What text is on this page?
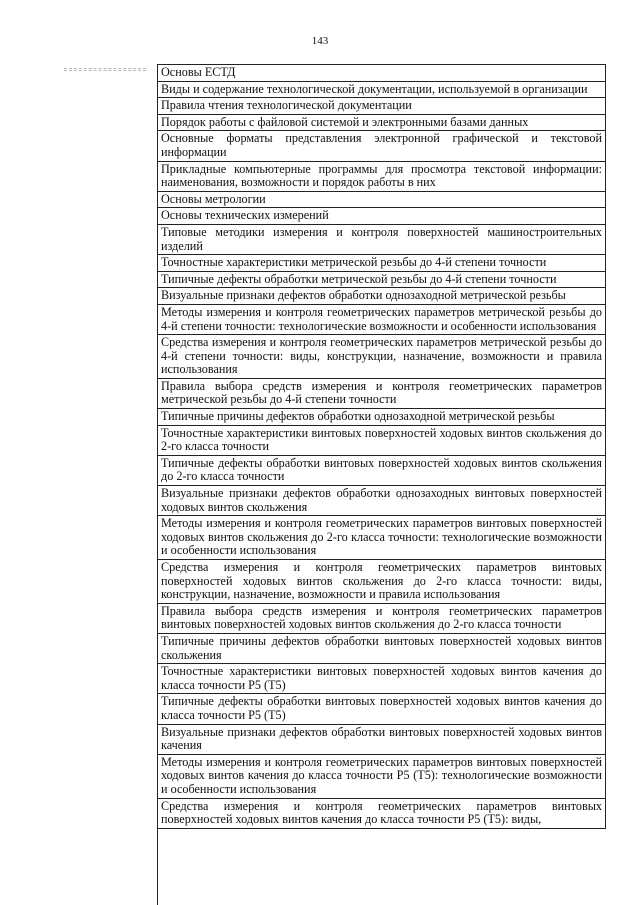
143
Основы ЕСТД
Виды и содержание технологической документации, используемой в организации
Правила чтения технологической документации
Порядок работы с файловой системой и электронными базами данных
Основные форматы представления электронной графической и текстовой информации
Прикладные компьютерные программы для просмотра текстовой информации: наименования, возможности и порядок работы в них
Основы метрологии
Основы технических измерений
Типовые методики измерения и контроля поверхностей машиностроительных изделий
Точностные характеристики метрической резьбы до 4-й степени точности
Типичные дефекты обработки метрической резьбы до 4-й степени точности
Визуальные признаки дефектов обработки однозаходной метрической резьбы
Методы измерения и контроля геометрических параметров метрической резьбы до 4-й степени точности: технологические возможности и особенности использования
Средства измерения и контроля геометрических параметров метрической резьбы до 4-й степени точности: виды, конструкции, назначение, возможности и правила использования
Правила выбора средств измерения и контроля геометрических параметров метрической резьбы до 4-й степени точности
Типичные причины дефектов обработки однозаходной метрической резьбы
Точностные характеристики винтовых поверхностей ходовых винтов скольжения до 2-го класса точности
Типичные дефекты обработки винтовых поверхностей ходовых винтов скольжения до 2-го класса точности
Визуальные признаки дефектов обработки однозаходных винтовых поверхностей ходовых винтов скольжения
Методы измерения и контроля геометрических параметров винтовых поверхностей ходовых винтов скольжения до 2-го класса точности: технологические возможности и особенности использования
Средства измерения и контроля геометрических параметров винтовых поверхностей ходовых винтов скольжения до 2-го класса точности: виды, конструкции, назначение, возможности и правила использования
Правила выбора средств измерения и контроля геометрических параметров винтовых поверхностей ходовых винтов скольжения до 2-го класса точности
Типичные причины дефектов обработки винтовых поверхностей ходовых винтов скольжения
Точностные характеристики винтовых поверхностей ходовых винтов качения до класса точности P5 (T5)
Типичные дефекты обработки винтовых поверхностей ходовых винтов качения до класса точности P5 (T5)
Визуальные признаки дефектов обработки винтовых поверхностей ходовых винтов качения
Методы измерения и контроля геометрических параметров винтовых поверхностей ходовых винтов качения до класса точности P5 (T5): технологические возможности и особенности использования
Средства измерения и контроля геометрических параметров винтовых поверхностей ходовых винтов качения до класса точности P5 (T5): виды,
